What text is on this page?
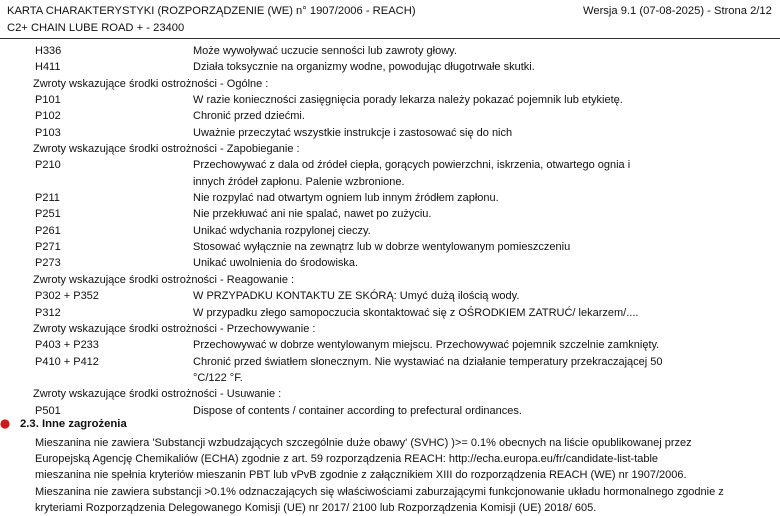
KARTA CHARAKTERYSTYKI (ROZPORZĄDZENIE (WE) n° 1907/2006 - REACH)
C2+ CHAIN LUBE ROAD + - 23400
Wersja 9.1 (07-08-2025) - Strona 2/12
H336	Może wywoływać uczucie senności lub zawroty głowy.
H411	Działa toksycznie na organizmy wodne, powodując długotrwałe skutki.
Zwroty wskazujące środki ostrożności - Ogólne :
P101	W razie konieczności zasięgnięcia porady lekarza należy pokazać pojemnik lub etykietę.
P102	Chronić przed dziećmi.
P103	Uważnie przeczytać wszystkie instrukcje i zastosować się do nich
Zwroty wskazujące środki ostrożności - Zapobieganie :
P210	Przechowywać z dala od źródeł ciepła, gorących powierzchni, iskrzenia, otwartego ognia i
innych źródeł zapłonu. Palenie wzbronione.
P211	Nie rozpylać nad otwartym ogniem lub innym źródłem zapłonu.
P251	Nie przekłuwać ani nie spalać, nawet po zużyciu.
P261	Unikać wdychania rozpylonej cieczy.
P271	Stosować wyłącznie na zewnątrz lub w dobrze wentylowanym pomieszczeniu
P273	Unikać uwolnienia do środowiska.
Zwroty wskazujące środki ostrożności - Reagowanie :
P302 + P352	W PRZYPADKU KONTAKTU ZE SKÓRĄ: Umyć dużą ilością wody.
P312	W przypadku złego samopoczucia skontaktować się z OŚRODKIEM ZATRUĆ/ lekarzem/....
Zwroty wskazujące środki ostrożności - Przechowywanie :
P403 + P233	Przechowywać w dobrze wentylowanym miejscu. Przechowywać pojemnik szczelnie zamknięty.
P410 + P412	Chronić przed światłem słonecznym. Nie wystawiać na działanie temperatury przekraczającej 50
°C/122 °F.
Zwroty wskazujące środki ostrożności - Usuwanie :
P501	Dispose of contents / container according to prefectural ordinances.
2.3. Inne zagrożenia
Mieszanina nie zawiera 'Substancji wzbudzających szczególnie duże obawy' (SVHC) )>= 0.1% obecnych na liście opublikowanej przez
Europejską Agencję Chemikaliów (ECHA) zgodnie z art. 59 rozporządzenia REACH: http://echa.europa.eu/fr/candidate-list-table
mieszanina nie spełnia kryteriów mieszanin PBT lub vPvB zgodnie z załącznikiem XIII do rozporządzenia REACH (WE) nr 1907/2006.
Mieszanina nie zawiera substancji >0.1% odznaczających się właściwościami zaburzającymi funkcjonowanie układu hormonalnego zgodnie z
kryteriami Rozporządzenia Delegowanego Komisji (UE) nr 2017/ 2100 lub Rozporządzenia Komisji (UE) 2018/ 605.
